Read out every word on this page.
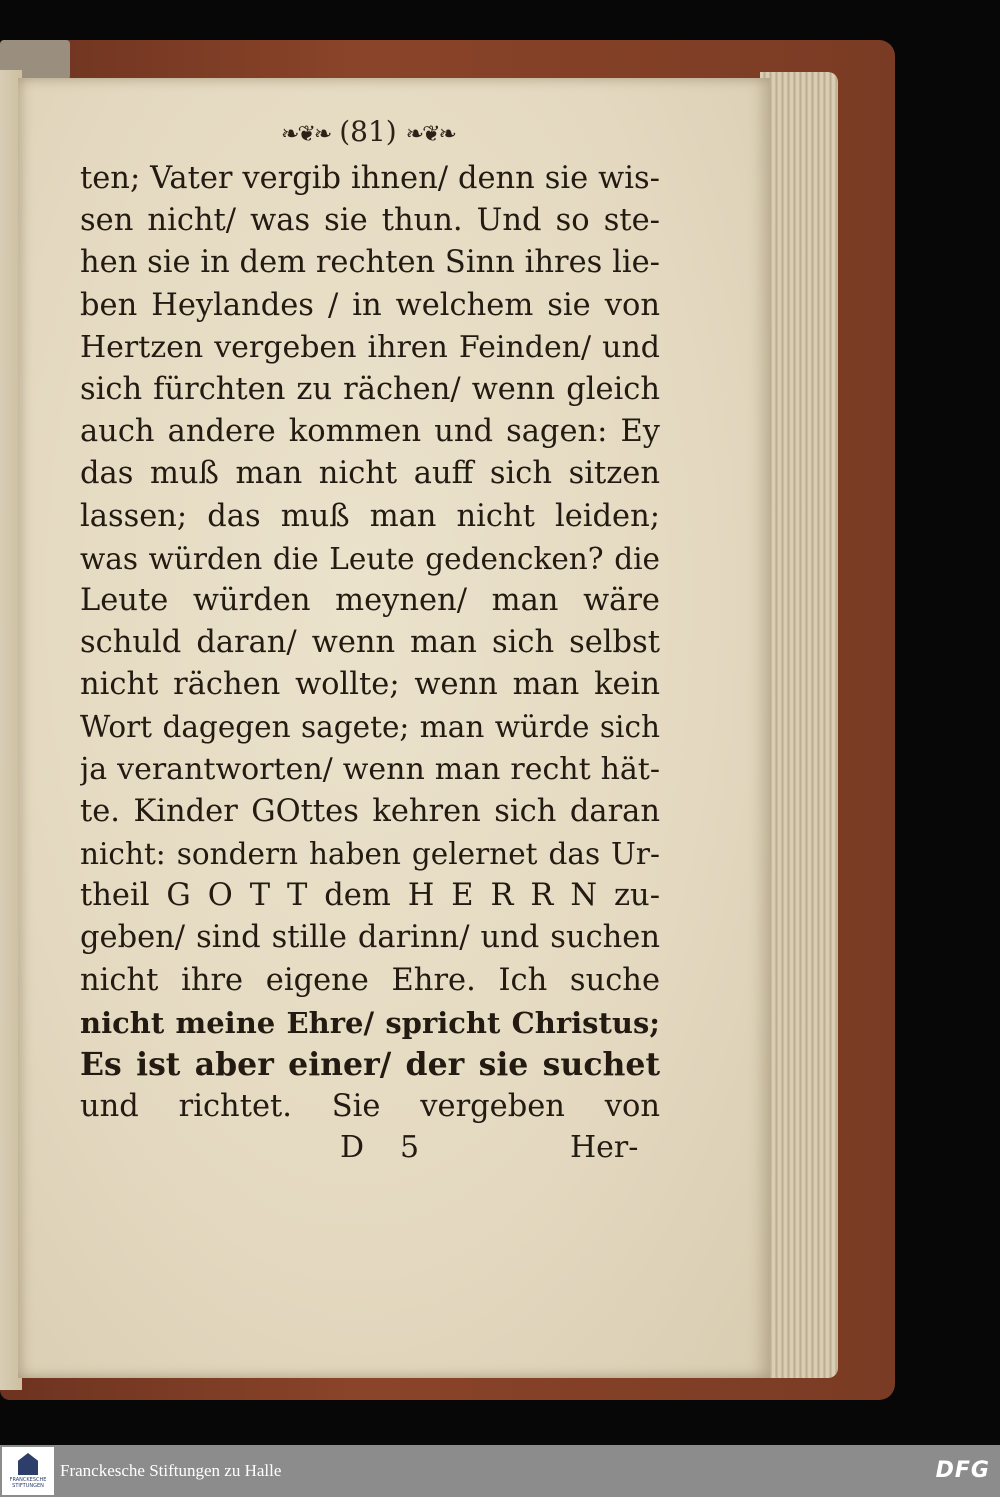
❧❦❧ (81) ❧❦❧
ten; Vater vergib ihnen/ denn sie wis-
sen nicht/ was sie thun. Und so ste-
hen sie in dem rechten Sinn ihres lie-
ben Heylandes / in welchem sie von
Hertzen vergeben ihren Feinden/ und
sich fürchten zu rächen/ wenn gleich
auch andere kommen und sagen: Ey
das muß man nicht auff sich sitzen
lassen; das muß man nicht leiden;
was würden die Leute gedencken? die
Leute würden meynen/ man wäre
schuld daran/ wenn man sich selbst
nicht rächen wollte; wenn man kein
Wort dagegen sagete; man würde sich
ja verantworten/ wenn man recht hät-
te. Kinder GOttes kehren sich daran
nicht: sondern haben gelernet das Ur-
theil G O T T dem H E R R N zu-
geben/ sind stille darinn/ und suchen
nicht ihre eigene Ehre. Ich suche
nicht meine Ehre/ spricht Christus;
Es ist aber einer/ der sie suchet
und richtet. Sie vergeben von
D 5	Her-
FRANCKESCHE STIFTUNGEN
Franckesche Stiftungen zu Halle	DFG
